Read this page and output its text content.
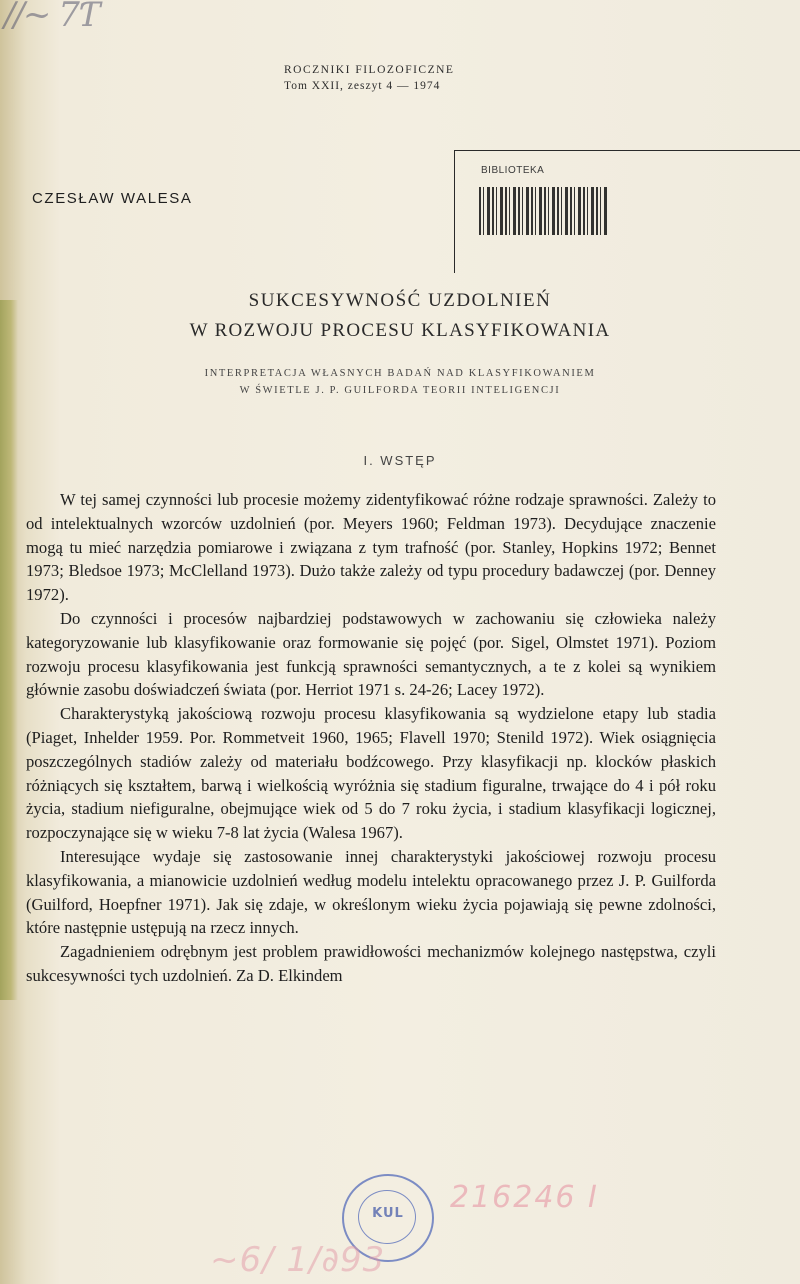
//~ 7Ƭ
ROCZNIKI FILOZOFICZNE
Tom XXII, zeszyt 4 — 1974
BIBLIOTEKA
CZESŁAW WALESA
SUKCESYWNOŚĆ UZDOLNIEŃ
W ROZWOJU PROCESU KLASYFIKOWANIA
INTERPRETACJA WŁASNYCH BADAŃ NAD KLASYFIKOWANIEM
W ŚWIETLE J. P. GUILFORDA TEORII INTELIGENCJI
I. WSTĘP

W tej samej czynności lub procesie możemy zidentyfikować różne rodzaje sprawności. Zależy to od intelektualnych wzorców uzdolnień (por. Meyers 1960; Feldman 1973). Decydujące znaczenie mogą tu mieć narzędzia pomiarowe i związana z tym trafność (por. Stanley, Hopkins 1972; Bennet 1973; Bledsoe 1973; McClelland 1973). Dużo także zależy od typu procedury badawczej (por. Denney 1972).

Do czynności i procesów najbardziej podstawowych w zachowaniu się człowieka należy kategoryzowanie lub klasyfikowanie oraz formowanie się pojęć (por. Sigel, Olmstet 1971). Poziom rozwoju procesu klasyfikowania jest funkcją sprawności semantycznych, a te z kolei są wynikiem głównie zasobu doświadczeń świata (por. Herriot 1971 s. 24-26; Lacey 1972).

Charakterystyką jakościową rozwoju procesu klasyfikowania są wydzielone etapy lub stadia (Piaget, Inhelder 1959. Por. Rommetveit 1960, 1965; Flavell 1970; Stenild 1972). Wiek osiągnięcia poszczególnych stadiów zależy od materiału bodźcowego. Przy klasyfikacji np. klocków płaskich różniących się kształtem, barwą i wielkością wyróżnia się stadium figuralne, trwające do 4 i pół roku życia, stadium niefiguralne, obejmujące wiek od 5 do 7 roku życia, i stadium klasyfikacji logicznej, rozpoczynające się w wieku 7-8 lat życia (Walesa 1967).

Interesujące wydaje się zastosowanie innej charakterystyki jakościowej rozwoju procesu klasyfikowania, a mianowicie uzdolnień według modelu intelektu opracowanego przez J. P. Guilforda (Guilford, Hoepfner 1971). Jak się zdaje, w określonym wieku życia pojawiają się pewne zdolności, które następnie ustępują na rzecz innych.

Zagadnieniem odrębnym jest problem prawidłowości mechanizmów kolejnego następstwa, czyli sukcesywności tych uzdolnień. Za D. Elkindem

KUL	216246 I
~6/ 1/∂93
